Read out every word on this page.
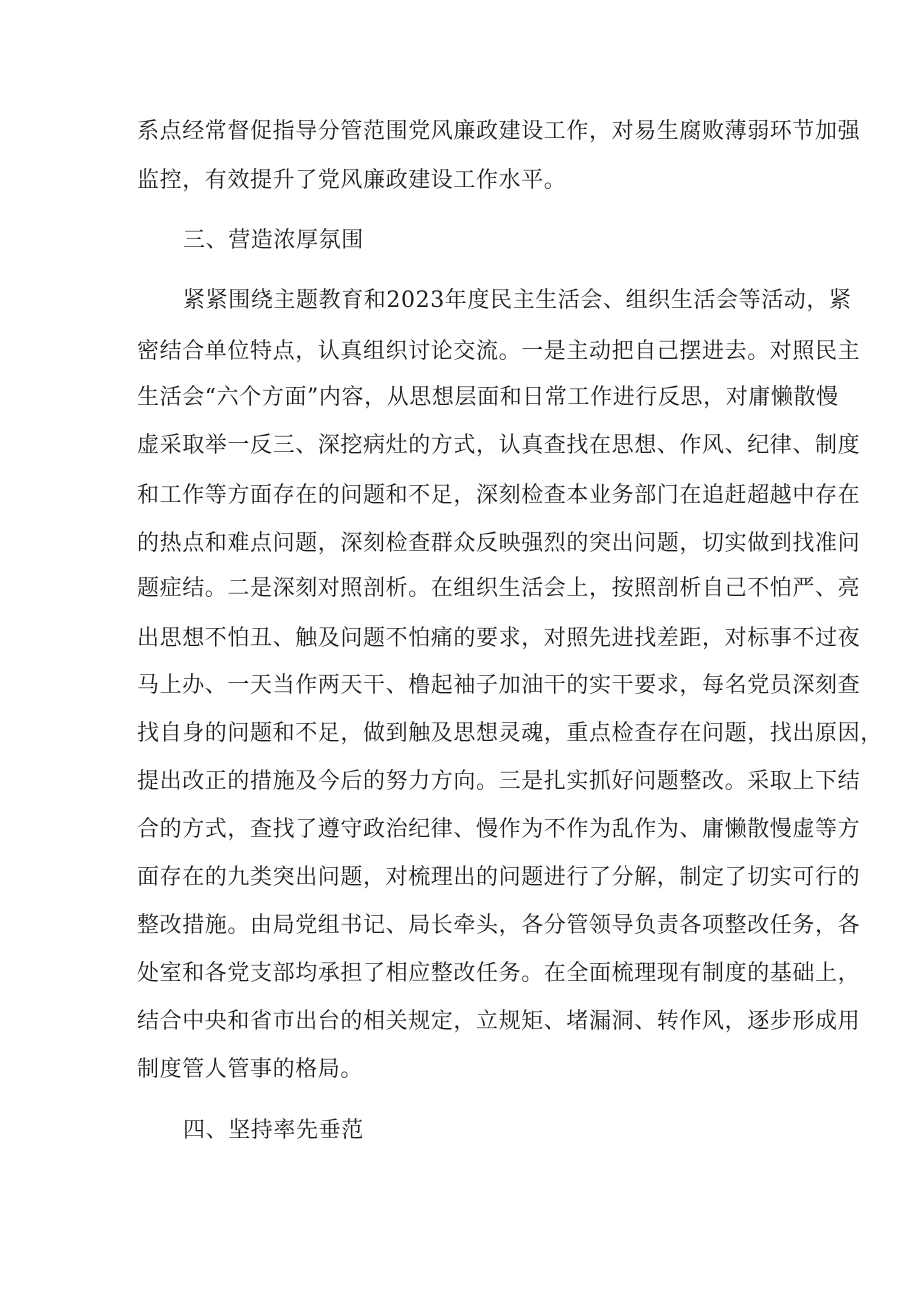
系点经常督促指导分管范围党风廉政建设工作，对易生腐败薄弱环节加强
监控，有效提升了党风廉政建设工作水平。
三、营造浓厚氛围
紧紧围绕主题教育和2023年度民主生活会、组织生活会等活动，紧
密结合单位特点，认真组织讨论交流。一是主动把自己摆进去。对照民主
生活会“六个方面”内容，从思想层面和日常工作进行反思，对庸懒散慢
虚采取举一反三、深挖病灶的方式，认真查找在思想、作风、纪律、制度
和工作等方面存在的问题和不足，深刻检查本业务部门在追赶超越中存在
的热点和难点问题，深刻检查群众反映强烈的突出问题，切实做到找准问
题症结。二是深刻对照剖析。在组织生活会上，按照剖析自己不怕严、亮
出思想不怕丑、触及问题不怕痛的要求，对照先进找差距，对标事不过夜
马上办、一天当作两天干、橹起袖子加油干的实干要求，每名党员深刻查
找自身的问题和不足，做到触及思想灵魂，重点检查存在问题，找出原因，
提出改正的措施及今后的努力方向。三是扎实抓好问题整改。采取上下结
合的方式，查找了遵守政治纪律、慢作为不作为乱作为、庸懒散慢虚等方
面存在的九类突出问题，对梳理出的问题进行了分解，制定了切实可行的
整改措施。由局党组书记、局长牵头，各分管领导负责各项整改任务，各
处室和各党支部均承担了相应整改任务。在全面梳理现有制度的基础上，
结合中央和省市出台的相关规定，立规矩、堵漏洞、转作风，逐步形成用
制度管人管事的格局。
四、坚持率先垂范
